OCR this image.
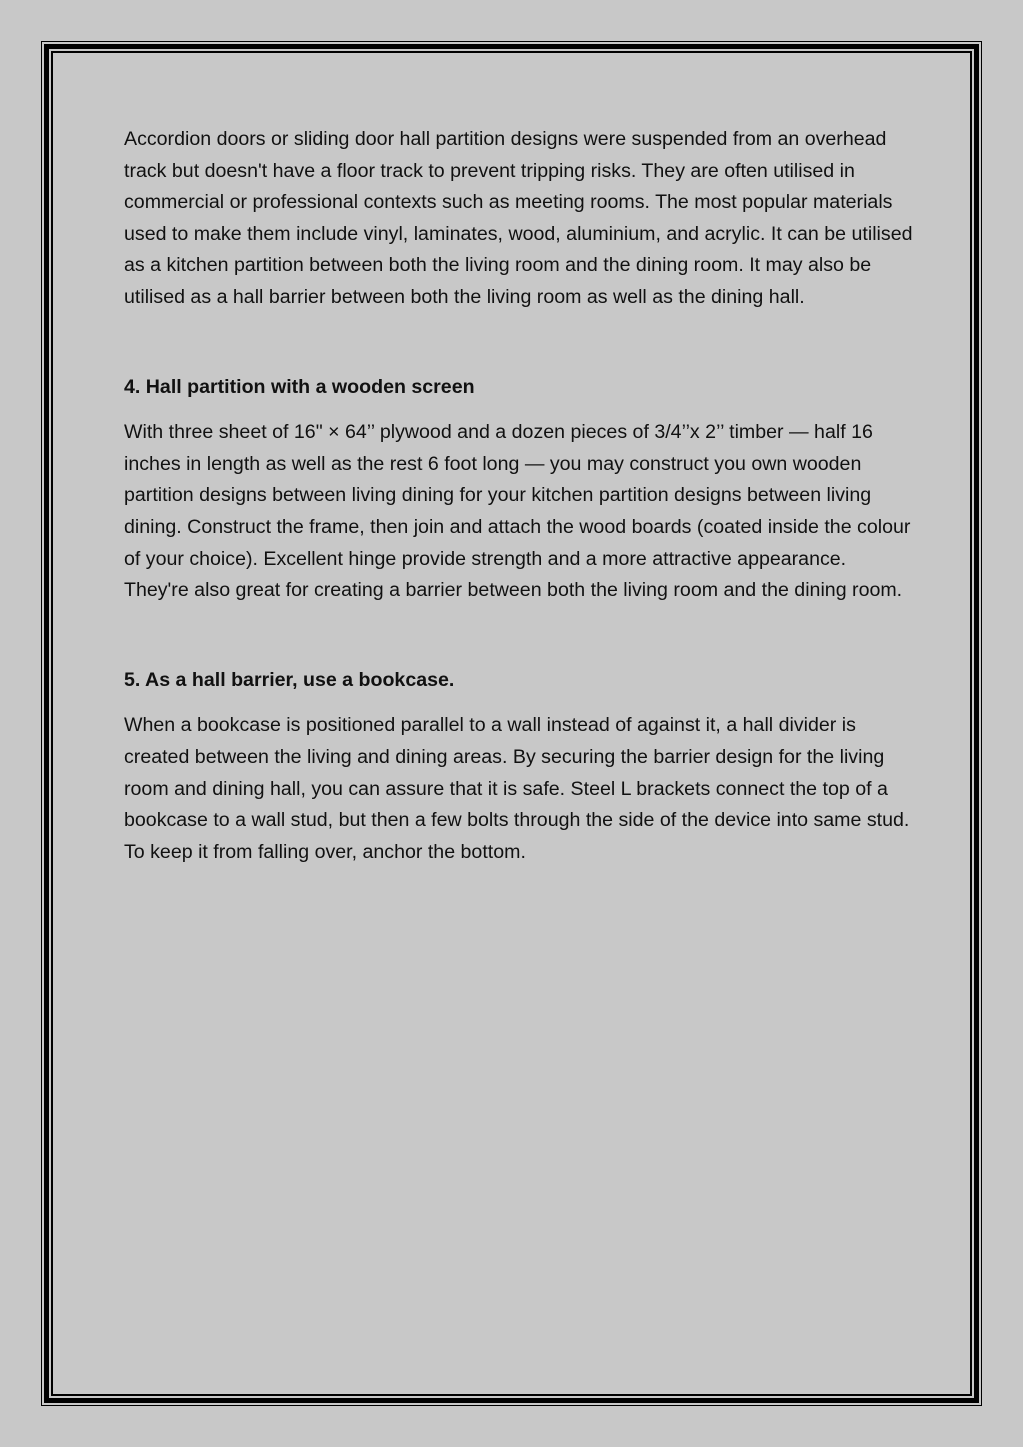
Accordion doors or sliding door hall partition designs were suspended from an overhead track but doesn't have a floor track to prevent tripping risks. They are often utilised in commercial or professional contexts such as meeting rooms. The most popular materials used to make them include vinyl, laminates, wood, aluminium, and acrylic. It can be utilised as a kitchen partition between both the living room and the dining room. It may also be utilised as a hall barrier between both the living room as well as the dining hall.

4. Hall partition with a wooden screen

With three sheet of 16" × 64’’ plywood and a dozen pieces of 3/4’’x 2’’ timber — half 16 inches in length as well as the rest 6 foot long — you may construct you own wooden partition designs between living dining for your kitchen partition designs between living dining. Construct the frame, then join and attach the wood boards (coated inside the colour of your choice). Excellent hinge provide strength and a more attractive appearance. They're also great for creating a barrier between both the living room and the dining room.

5. As a hall barrier, use a bookcase.

When a bookcase is positioned parallel to a wall instead of against it, a hall divider is created between the living and dining areas. By securing the barrier design for the living room and dining hall, you can assure that it is safe. Steel L brackets connect the top of a bookcase to a wall stud, but then a few bolts through the side of the device into same stud. To keep it from falling over, anchor the bottom.
